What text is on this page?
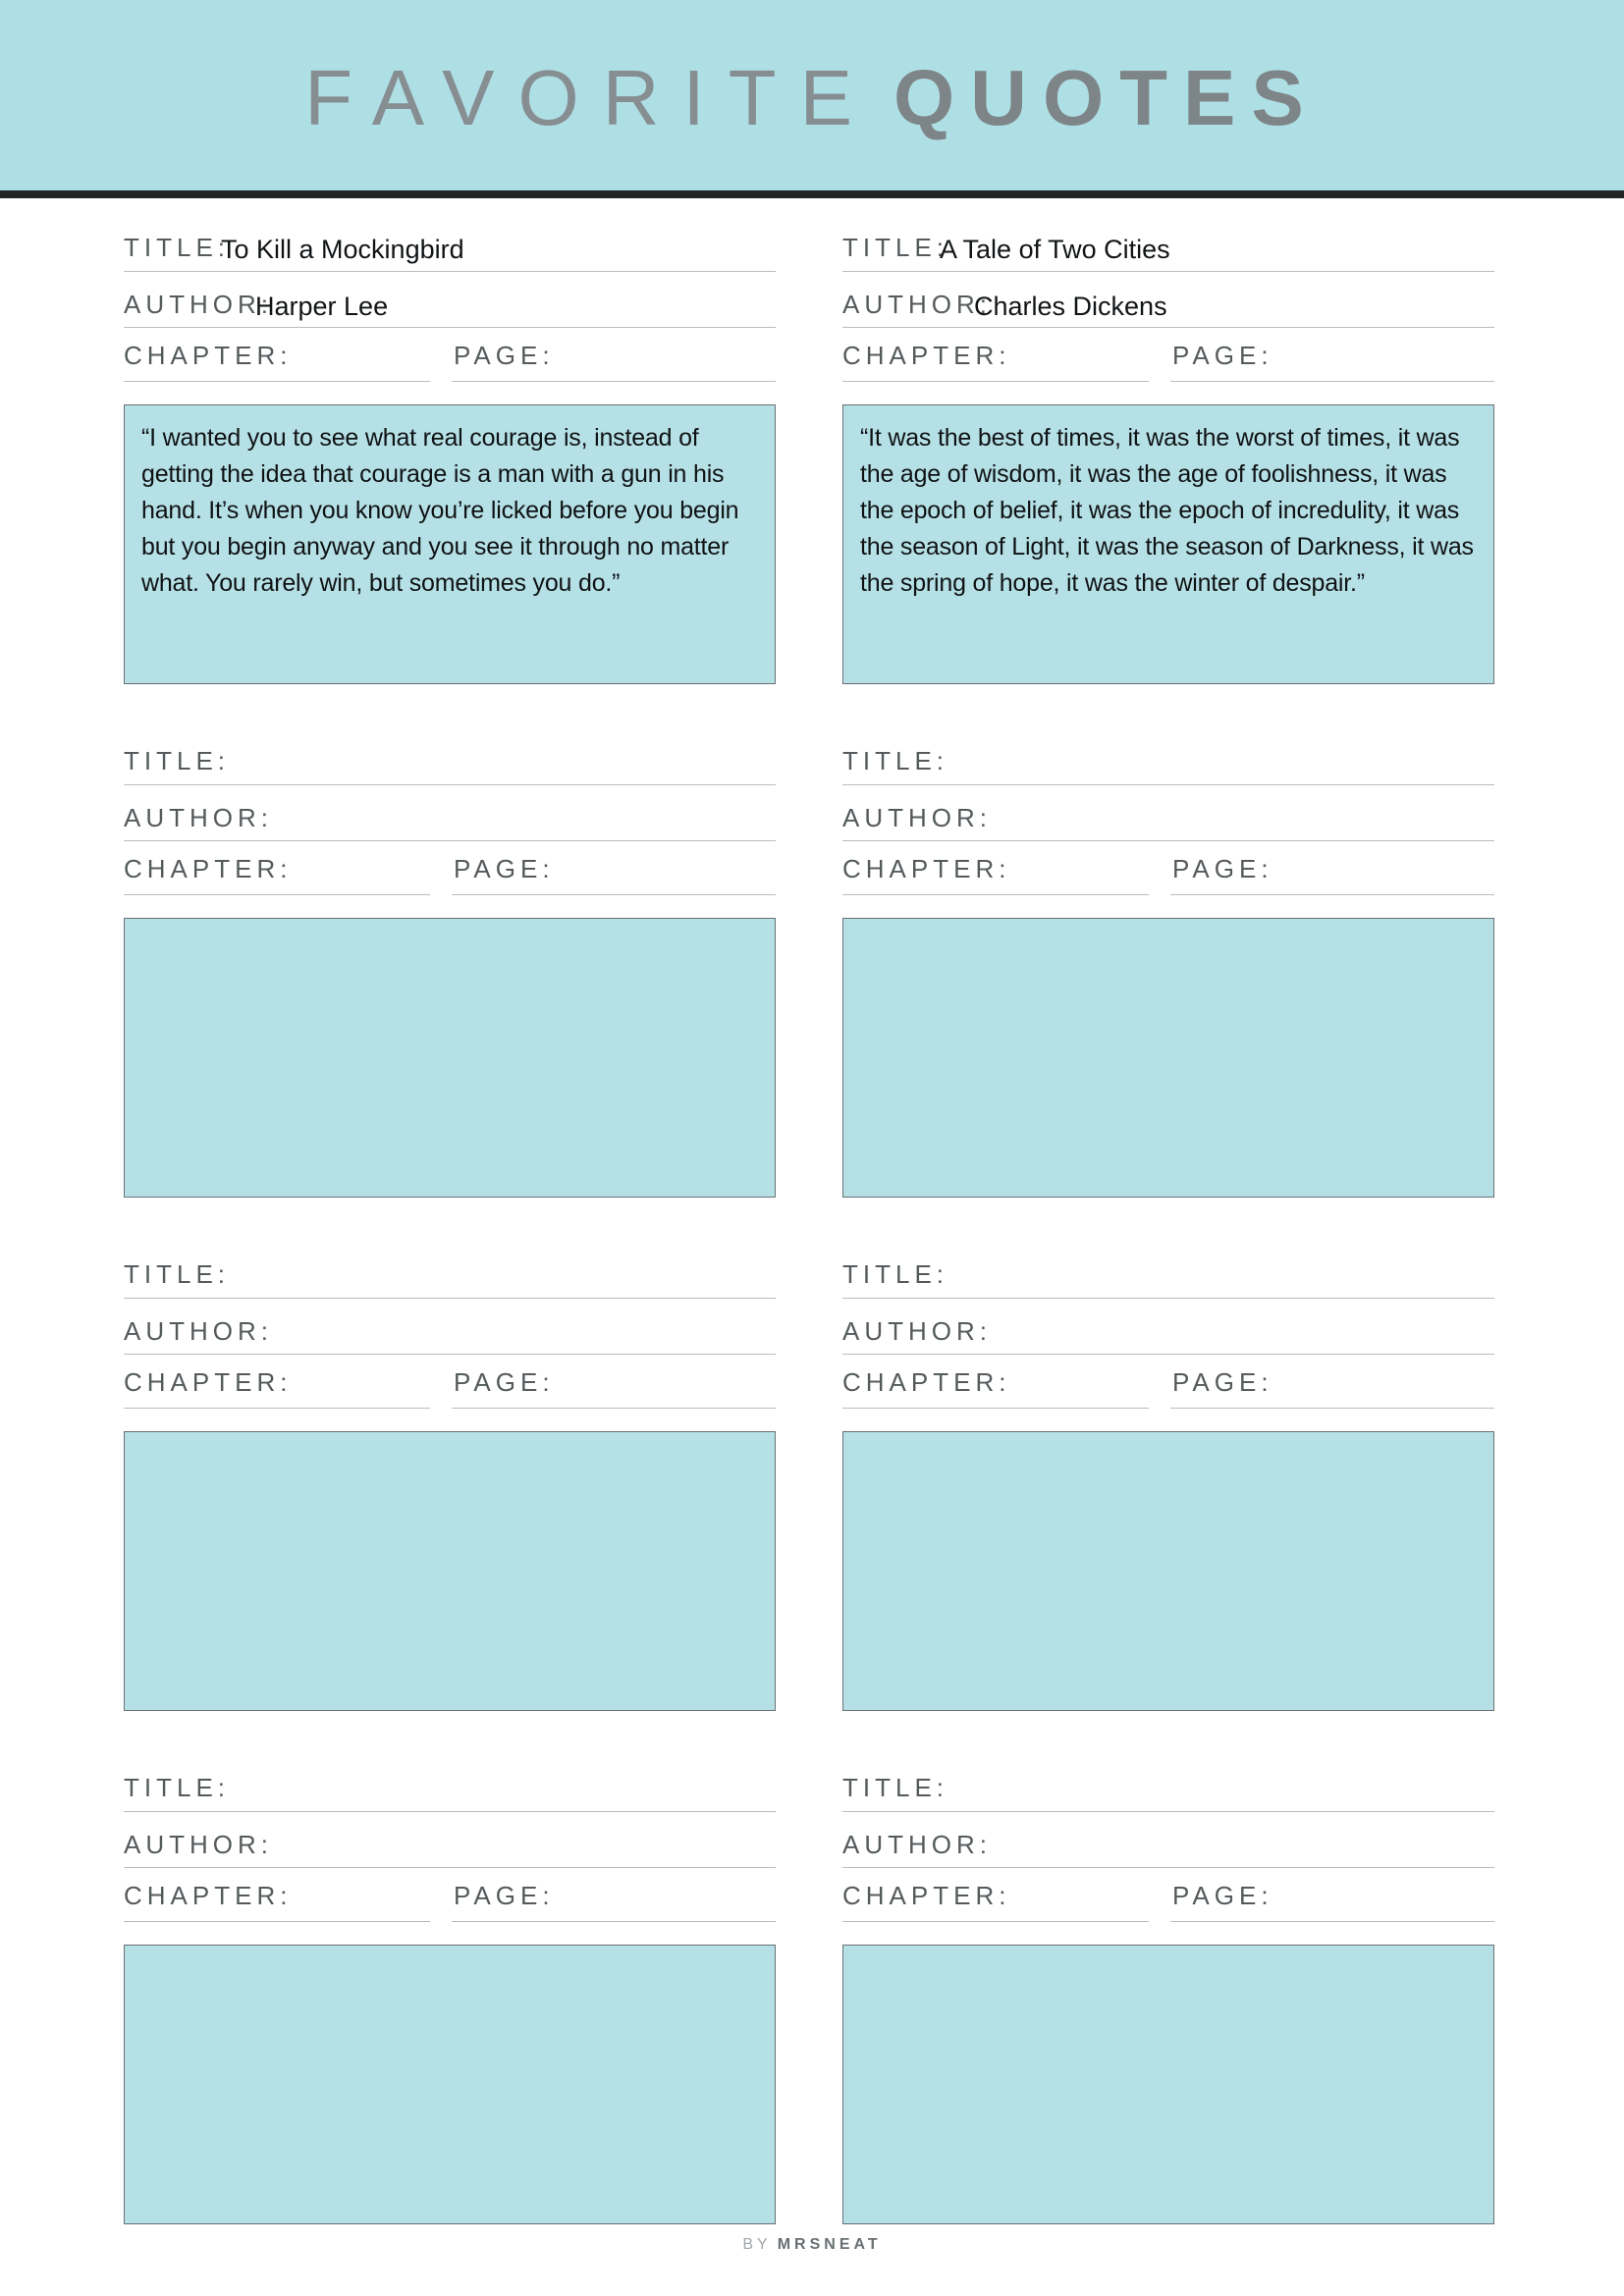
FAVORITE QUOTES
TITLE:
To Kill a Mockingbird
AUTHOR:
Harper Lee
CHAPTER:	PAGE:

“I wanted you to see what real courage is, instead of getting the idea that courage is a man with a gun in his hand. It’s when you know you’re licked before you begin but you begin anyway and you see it through no matter what. You rarely win, but sometimes you do.”

TITLE:
A Tale of Two Cities
AUTHOR:
Charles Dickens
CHAPTER:	PAGE:

“It was the best of times, it was the worst of times, it was the age of wisdom, it was the age of foolishness, it was the epoch of belief, it was the epoch of incredulity, it was the season of Light, it was the season of Darkness, it was the spring of hope, it was the winter of despair.”

TITLE:
AUTHOR:
CHAPTER:	PAGE:

TITLE:
AUTHOR:
CHAPTER:	PAGE:

TITLE:
AUTHOR:
CHAPTER:	PAGE:

TITLE:
AUTHOR:
CHAPTER:	PAGE:

TITLE:
AUTHOR:
CHAPTER:	PAGE:

TITLE:
AUTHOR:
CHAPTER:	PAGE:

BY MRSNEAT
